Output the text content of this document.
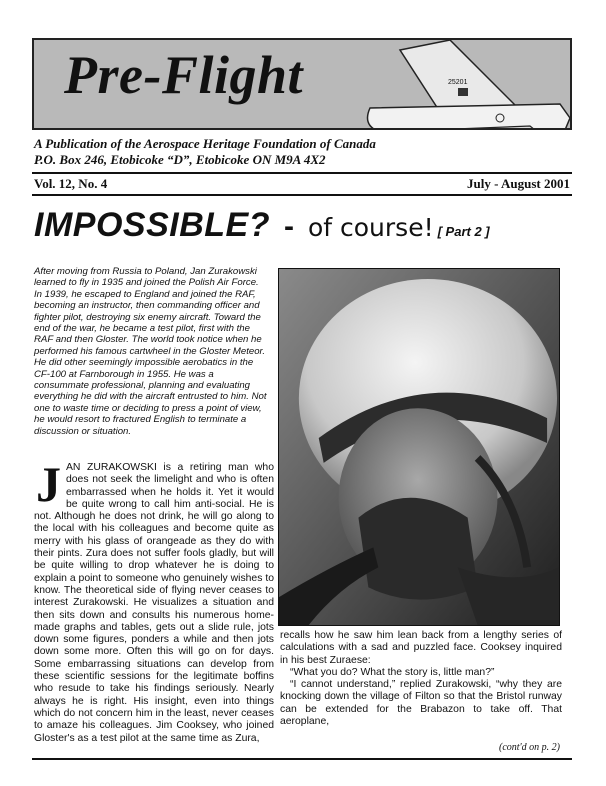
Pre-Flight	25201
A Publication of the Aerospace Heritage Foundation of Canada
P.O. Box 246, Etobicoke “D”, Etobicoke ON M9A 4X2
Vol. 12, No. 4	July - August 2001
IMPOSSIBLE? - of course! [ Part 2 ]

After moving from Russia to Poland, Jan Zurakowski learned to fly in 1935 and joined the Polish Air Force. In 1939, he escaped to England and joined the RAF, becoming an instructor, then commanding officer and fighter pilot, destroying six enemy aircraft. Toward the end of the war, he became a test pilot, first with the RAF and then Gloster. The world took notice when he performed his famous cartwheel in the Gloster Meteor. He did other seemingly impossible aerobatics in the CF-100 at Farnborough in 1955. He was a consummate professional, planning and evaluating everything he did with the aircraft entrusted to him. Not one to waste time or deciding to press a point of view, he would resort to fractured English to terminate a discussion or situation.

J AN ZURAKOWSKI is a retiring man who does not seek the limelight and who is often embarrassed when he holds it. Yet it would be quite wrong to call him anti-social. He is not. Although he does not drink, he will go along to the local with his colleagues and become quite as merry with his glass of orangeade as they do with their pints. Zura does not suffer fools gladly, but will be quite willing to drop whatever he is doing to explain a point to someone who genuinely wishes to know. The theoretical side of flying never ceases to interest Zurakowski. He visualizes a situation and then sits down and consults his numerous home-made graphs and tables, gets out a slide rule, jots down some figures, ponders a while and then jots down some more. Often this will go on for days. Some embarrassing situations can develop from these scientific sessions for the legitimate boffins who resude to take his findings seriously. Nearly always he is right. His insight, even into things which do not concern him in the least, never ceases to amaze his colleagues. Jim Cooksey, who joined Gloster's as a test pilot at the same time as Zura,

recalls how he saw him lean back from a lengthy series of calculations with a sad and puzzled face. Cooksey inquired in his best Zuraese:

“What you do? What the story is, little man?”

“I cannot understand,” replied Zurakowski, “why they are knocking down the village of Filton so that the Bristol runway can be extended for the Brabazon to take off. That aeroplane,

(cont'd on p. 2)
